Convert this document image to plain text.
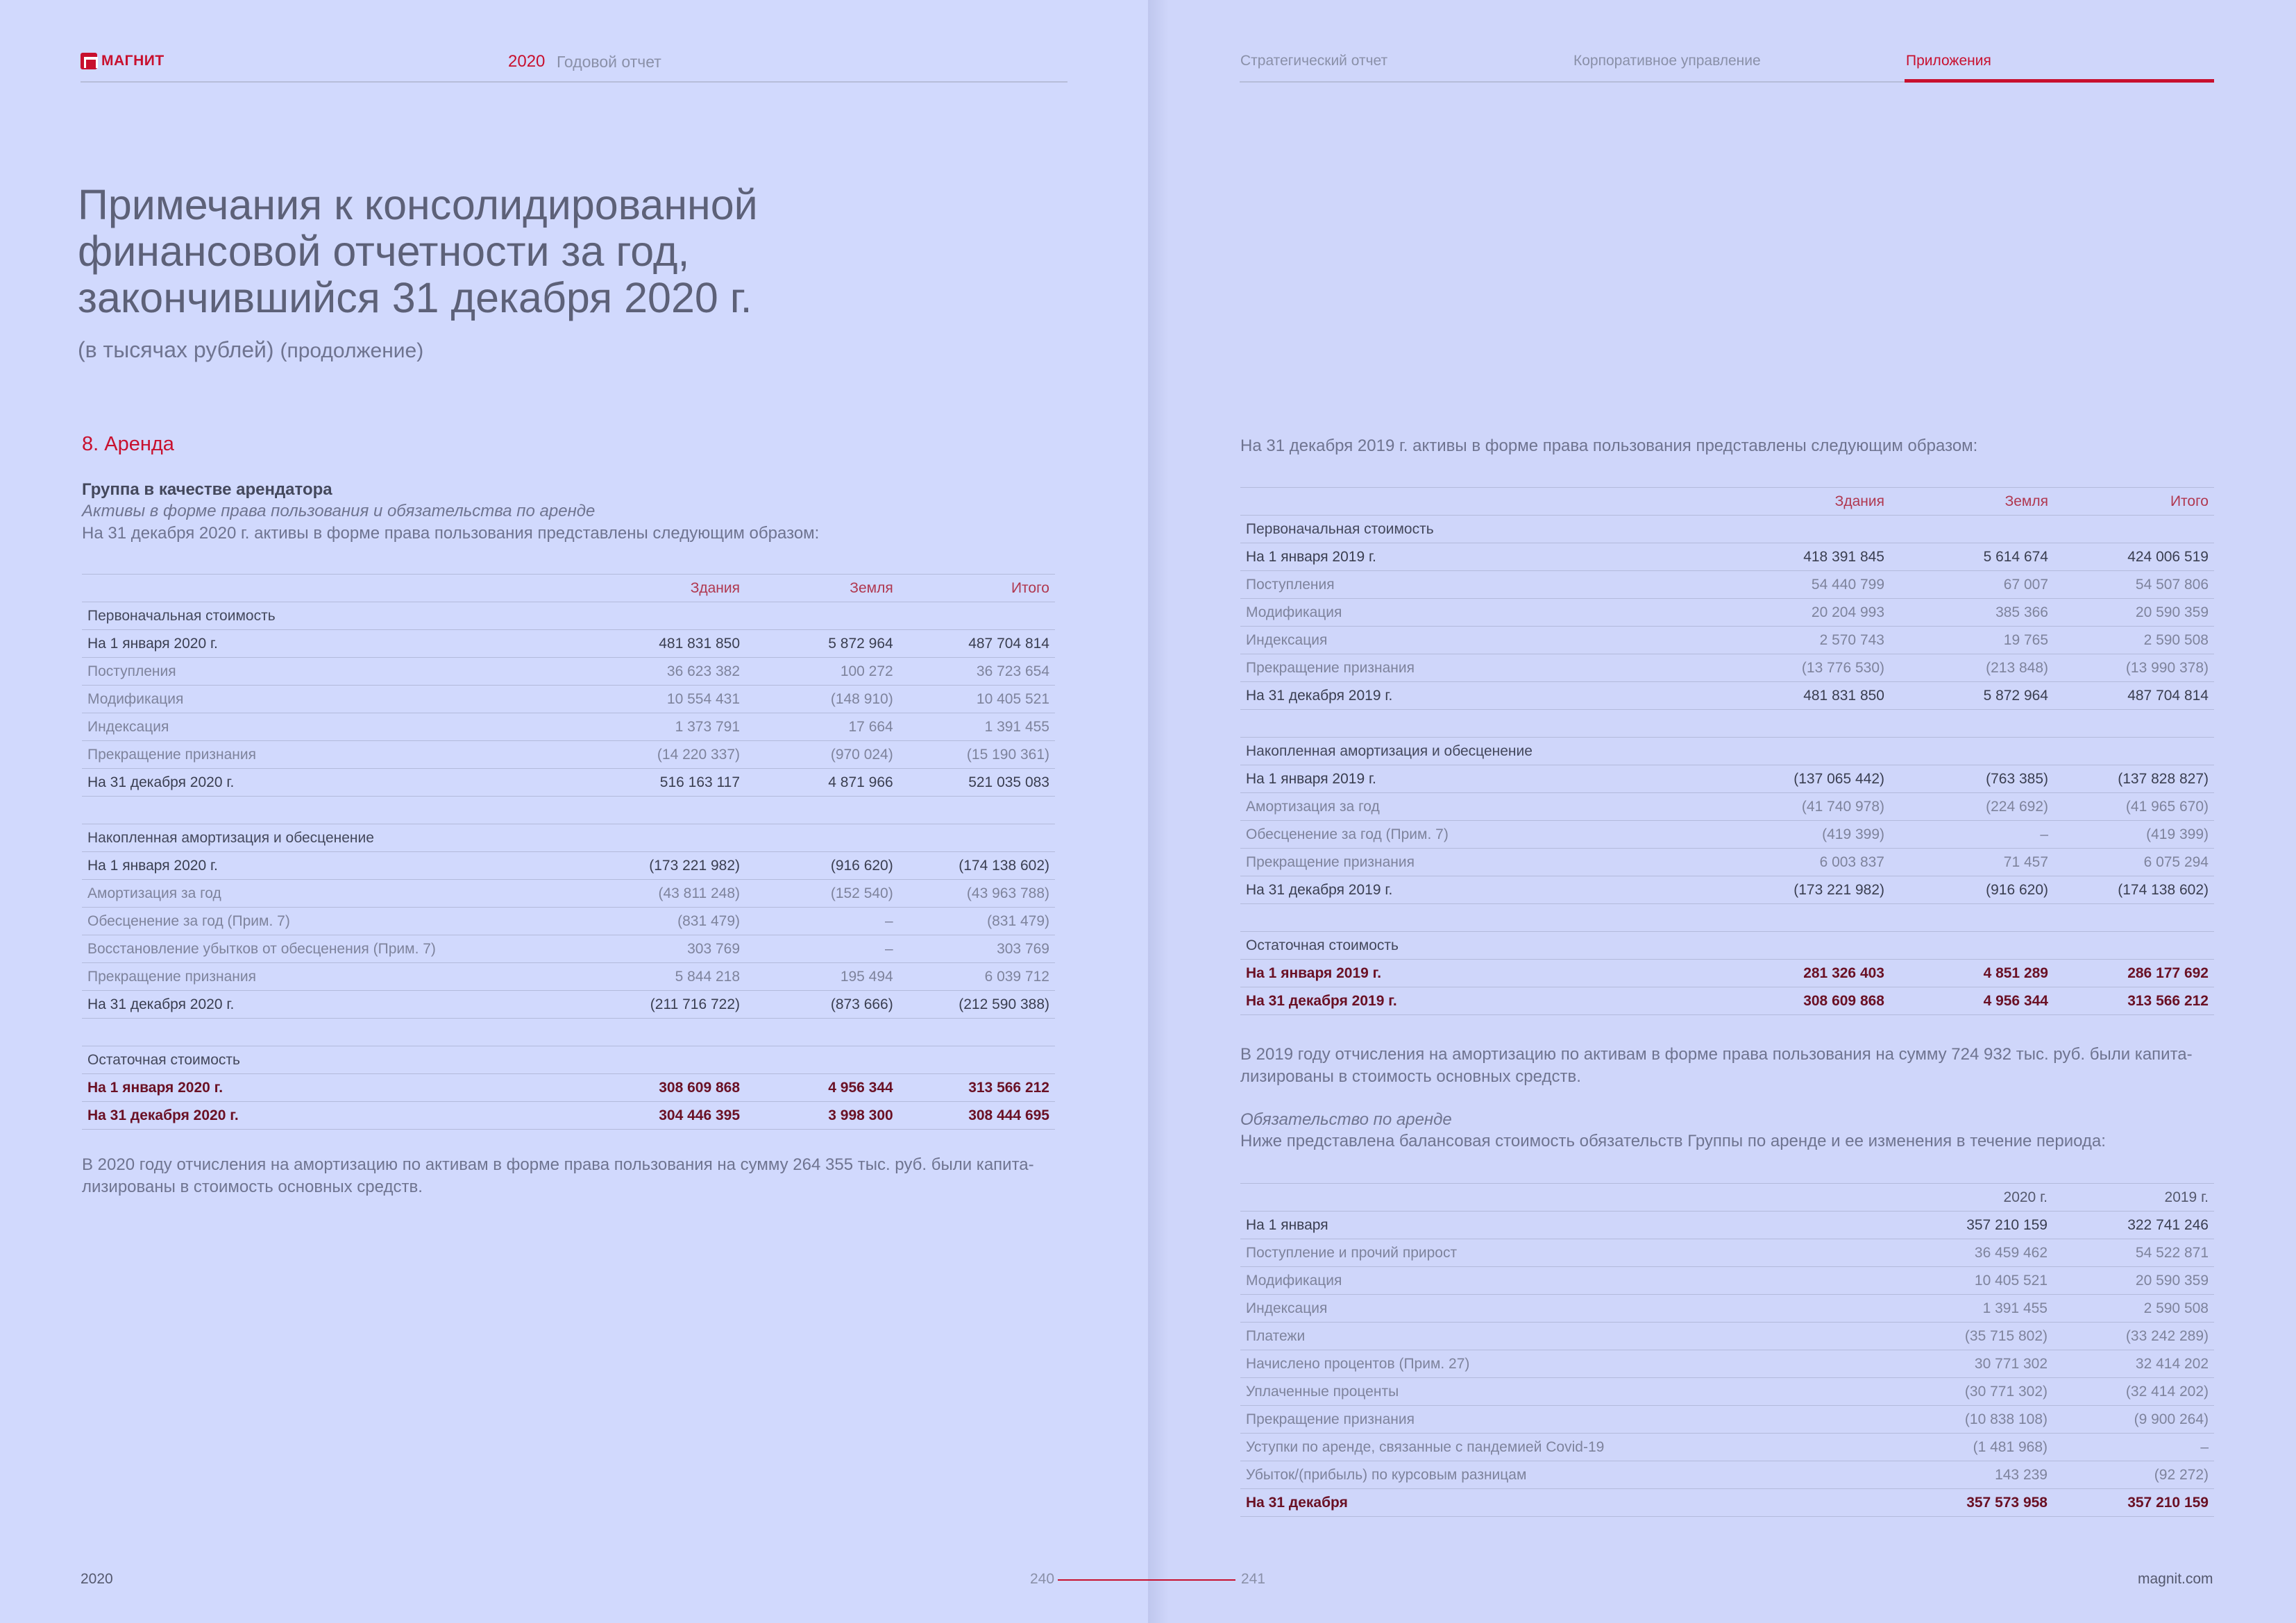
МАГНИТ	2020 Годовой отчет	Стратегический отчет	Корпоративное управление	Приложения
Примечания к консолидированной
финансовой отчетности за год,
закончившийся 31 декабря 2020 г.
(в тысячах рублей) (продолжение)
8. Аренда
Группа в качестве арендатора
Активы в форме права пользования и обязательства по аренде
На 31 декабря 2020 г. активы в форме права пользования представлены следующим образом:
	Здания	Земля	Итого
Первоначальная стоимость			
На 1 января 2020 г.	481 831 850	5 872 964	487 704 814
Поступления	36 623 382	100 272	36 723 654
Модификация	10 554 431	(148 910)	10 405 521
Индексация	1 373 791	17 664	1 391 455
Прекращение признания	(14 220 337)	(970 024)	(15 190 361)
На 31 декабря 2020 г.	516 163 117	4 871 966	521 035 083

Накопленная амортизация и обесценение			
На 1 января 2020 г.	(173 221 982)	(916 620)	(174 138 602)
Амортизация за год	(43 811 248)	(152 540)	(43 963 788)
Обесценение за год (Прим. 7)	(831 479)	–	(831 479)
Восстановление убытков от обесценения (Прим. 7)	303 769	–	303 769
Прекращение признания	5 844 218	195 494	6 039 712
На 31 декабря 2020 г.	(211 716 722)	(873 666)	(212 590 388)

Остаточная стоимость			
На 1 января 2020 г.	308 609 868	4 956 344	313 566 212
На 31 декабря 2020 г.	304 446 395	3 998 300	308 444 695
В 2020 году отчисления на амортизацию по активам в форме права пользования на сумму 264 355 тыс. руб. были капита-
лизированы в стоимость основных средств.
На 31 декабря 2019 г. активы в форме права пользования представлены следующим образом:
	Здания	Земля	Итого
Первоначальная стоимость			
На 1 января 2019 г.	418 391 845	5 614 674	424 006 519
Поступления	54 440 799	67 007	54 507 806
Модификация	20 204 993	385 366	20 590 359
Индексация	2 570 743	19 765	2 590 508
Прекращение признания	(13 776 530)	(213 848)	(13 990 378)
На 31 декабря 2019 г.	481 831 850	5 872 964	487 704 814

Накопленная амортизация и обесценение			
На 1 января 2019 г.	(137 065 442)	(763 385)	(137 828 827)
Амортизация за год	(41 740 978)	(224 692)	(41 965 670)
Обесценение за год (Прим. 7)	(419 399)	–	(419 399)
Прекращение признания	6 003 837	71 457	6 075 294
На 31 декабря 2019 г.	(173 221 982)	(916 620)	(174 138 602)

Остаточная стоимость			
На 1 января 2019 г.	281 326 403	4 851 289	286 177 692
На 31 декабря 2019 г.	308 609 868	4 956 344	313 566 212
В 2019 году отчисления на амортизацию по активам в форме права пользования на сумму 724 932 тыс. руб. были капита-
лизированы в стоимость основных средств.
Обязательство по аренде
Ниже представлена балансовая стоимость обязательств Группы по аренде и ее изменения в течение периода:
	2020 г.	2019 г.
На 1 января	357 210 159	322 741 246
Поступление и прочий прирост	36 459 462	54 522 871
Модификация	10 405 521	20 590 359
Индексация	1 391 455	2 590 508
Платежи	(35 715 802)	(33 242 289)
Начислено процентов (Прим. 27)	30 771 302	32 414 202
Уплаченные проценты	(30 771 302)	(32 414 202)
Прекращение признания	(10 838 108)	(9 900 264)
Уступки по аренде, связанные с пандемией Covid-19	(1 481 968)	–
Убыток/(прибыль) по курсовым разницам	143 239	(92 272)
На 31 декабря	357 573 958	357 210 159
2020	240	241	magnit.com
